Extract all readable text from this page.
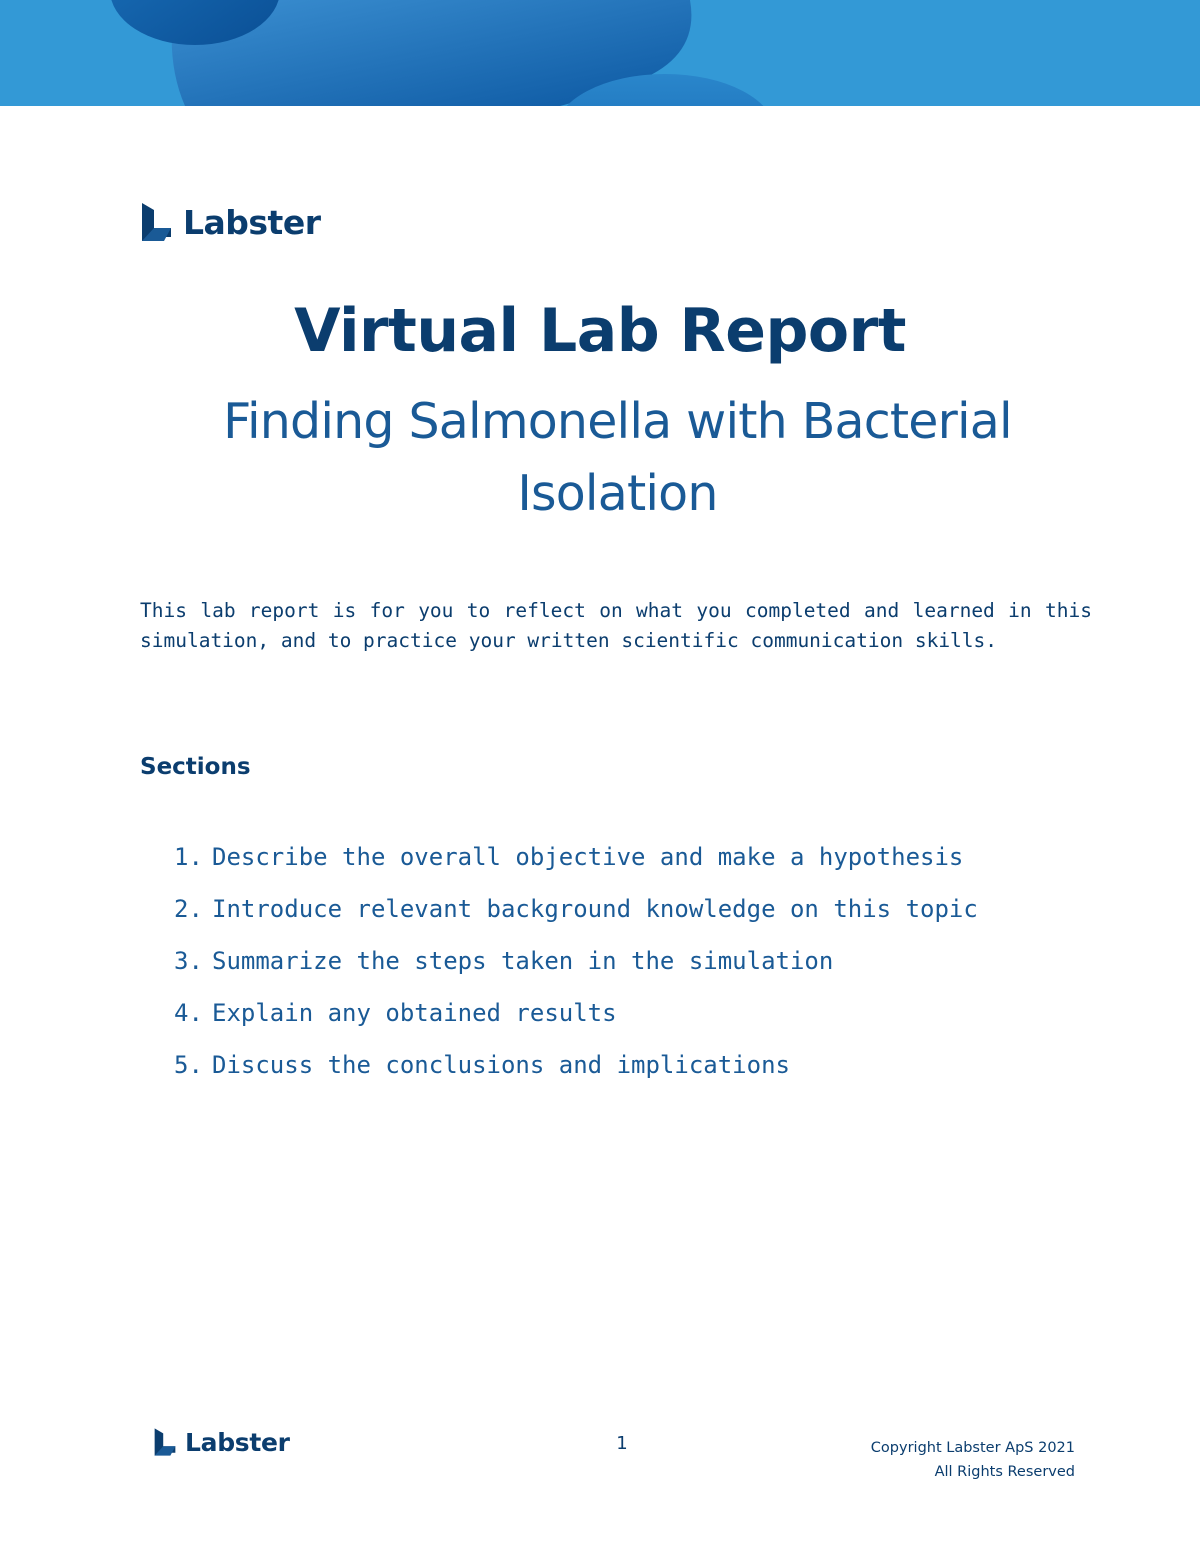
Labster
Virtual Lab Report
Finding Salmonella with Bacterial Isolation

This lab report is for you to reflect on what you completed and learned in this
simulation, and to practice your written scientific communication skills.

Sections
1. Describe the overall objective and make a hypothesis
2. Introduce relevant background knowledge on this topic
3. Summarize the steps taken in the simulation
4. Explain any obtained results
5. Discuss the conclusions and implications
Labster	1	Copyright Labster ApS 2021
All Rights Reserved
